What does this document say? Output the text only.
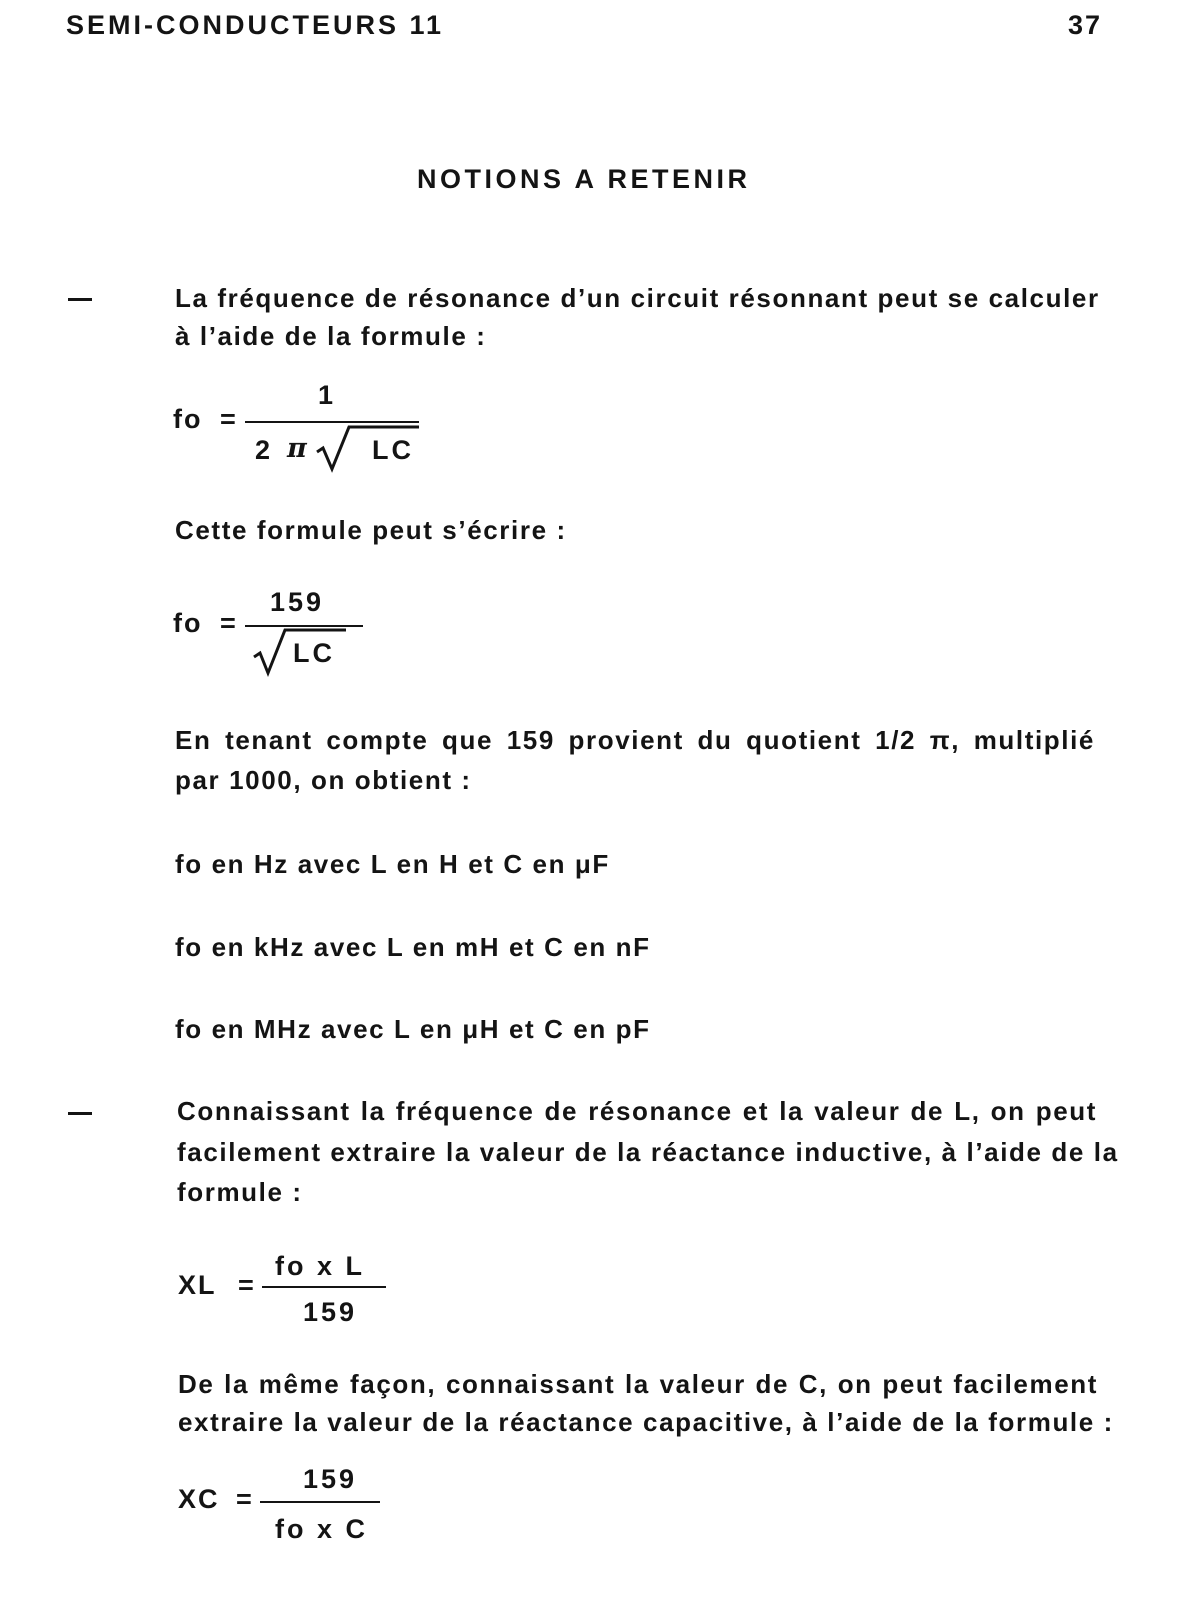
SEMI-CONDUCTEURS 11	37
NOTIONS A RETENIR
La fréquence de résonance d’un circuit résonnant peut se calculer
à l’aide de la formule :
fo =
1
2 π LC
Cette formule peut s’écrire :
fo =
159
LC
En tenant compte que 159 provient du quotient 1/2 π, multiplié
par 1000, on obtient :
fo en Hz avec L en H et C en μF
fo en kHz avec L en mH et C en nF
fo en MHz avec L en μH et C en pF
Connaissant la fréquence de résonance et la valeur de L, on peut
facilement extraire la valeur de la réactance inductive, à l’aide de la
formule :
XL =
fo x L
159
De la même façon, connaissant la valeur de C, on peut facilement
extraire la valeur de la réactance capacitive, à l’aide de la formule :
XC =
159
fo x C
